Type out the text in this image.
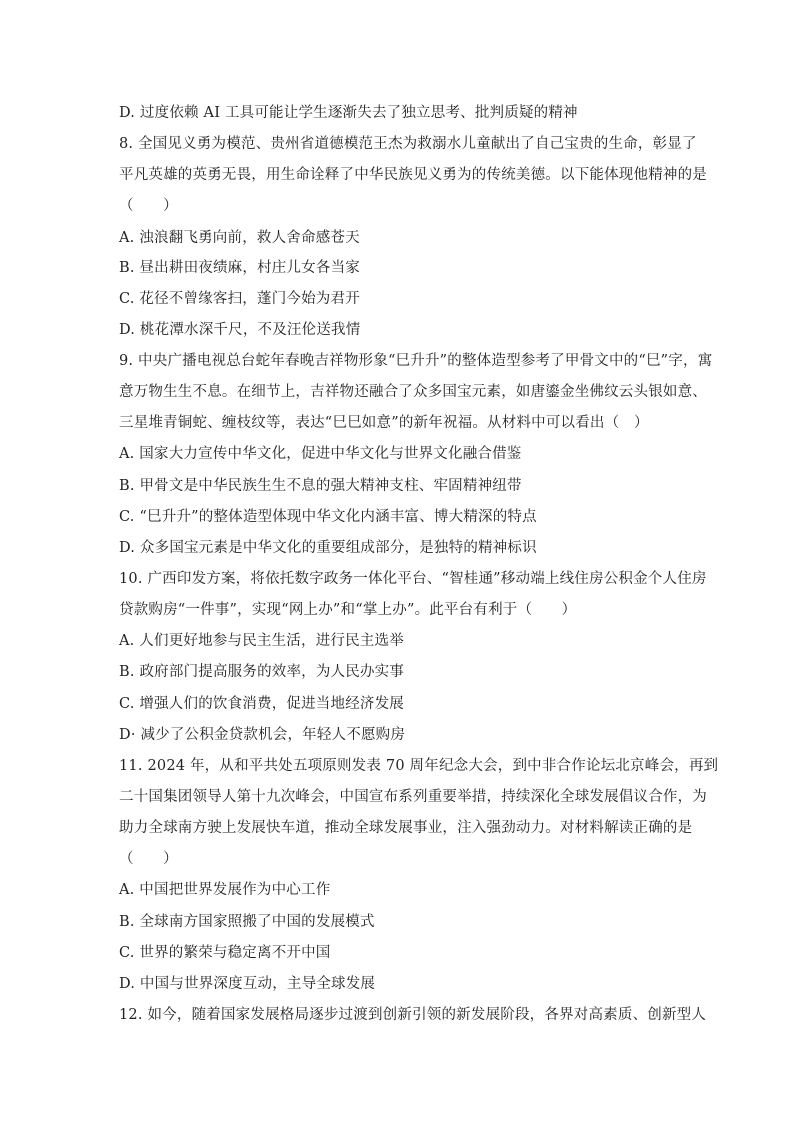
D. 过度依赖 AI 工具可能让学生逐渐失去了独立思考、批判质疑的精神
8. 全国见义勇为模范、贵州省道德模范王杰为救溺水儿童献出了自己宝贵的生命，彰显了
平凡英雄的英勇无畏，用生命诠释了中华民族见义勇为的传统美德。以下能体现他精神的是
（　　）
A. 浊浪翻飞勇向前，救人舍命感苍天
B. 昼出耕田夜绩麻，村庄儿女各当家
C. 花径不曾缘客扫，蓬门今始为君开
D. 桃花潭水深千尺，不及汪伦送我情
9. 中央广播电视总台蛇年春晚吉祥物形象“巳升升”的整体造型参考了甲骨文中的“巳”字，寓
意万物生生不息。在细节上，吉祥物还融合了众多国宝元素，如唐鎏金坐佛纹云头银如意、
三星堆青铜蛇、缠枝纹等，表达“巳巳如意”的新年祝福。从材料中可以看出（　）
A. 国家大力宣传中华文化，促进中华文化与世界文化融合借鉴
B. 甲骨文是中华民族生生不息的强大精神支柱、牢固精神纽带
C. “巳升升”的整体造型体现中华文化内涵丰富、博大精深的特点
D. 众多国宝元素是中华文化的重要组成部分，是独特的精神标识
10. 广西印发方案，将依托数字政务一体化平台、“智桂通”移动端上线住房公积金个人住房
贷款购房“一件事”，实现“网上办”和“掌上办”。此平台有利于（　　）
A. 人们更好地参与民主生活，进行民主选举
B. 政府部门提高服务的效率，为人民办实事
C. 增强人们的饮食消费，促进当地经济发展
D· 减少了公积金贷款机会，年轻人不愿购房
11. 2024 年，从和平共处五项原则发表 70 周年纪念大会，到中非合作论坛北京峰会，再到
二十国集团领导人第十九次峰会，中国宣布系列重要举措，持续深化全球发展倡议合作，为
助力全球南方驶上发展快车道，推动全球发展事业，注入强劲动力。对材料解读正确的是
（　　）
A. 中国把世界发展作为中心工作
B. 全球南方国家照搬了中国的发展模式
C. 世界的繁荣与稳定离不开中国
D. 中国与世界深度互动，主导全球发展
12. 如今，随着国家发展格局逐步过渡到创新引领的新发展阶段，各界对高素质、创新型人
